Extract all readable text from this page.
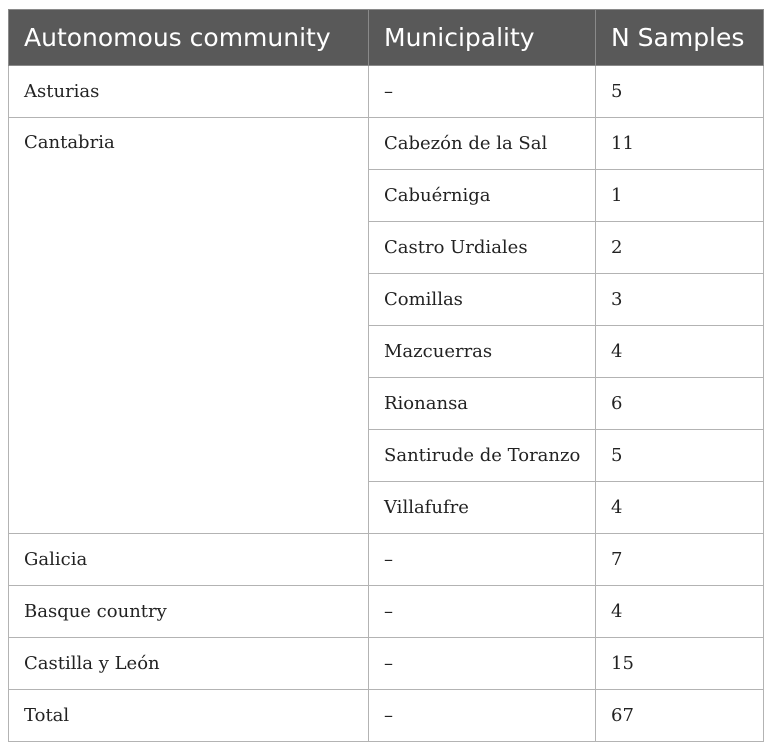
Autonomous community	Municipality	N Samples
Asturias	–	5
Cantabria	Cabezón de la Sal	11
	Cabuérniga	1
	Castro Urdiales	2
	Comillas	3
	Mazcuerras	4
	Rionansa	6
	Santirude de Toranzo	5
	Villafufre	4
Galicia	–	7
Basque country	–	4
Castilla y León	–	15
Total	–	67
